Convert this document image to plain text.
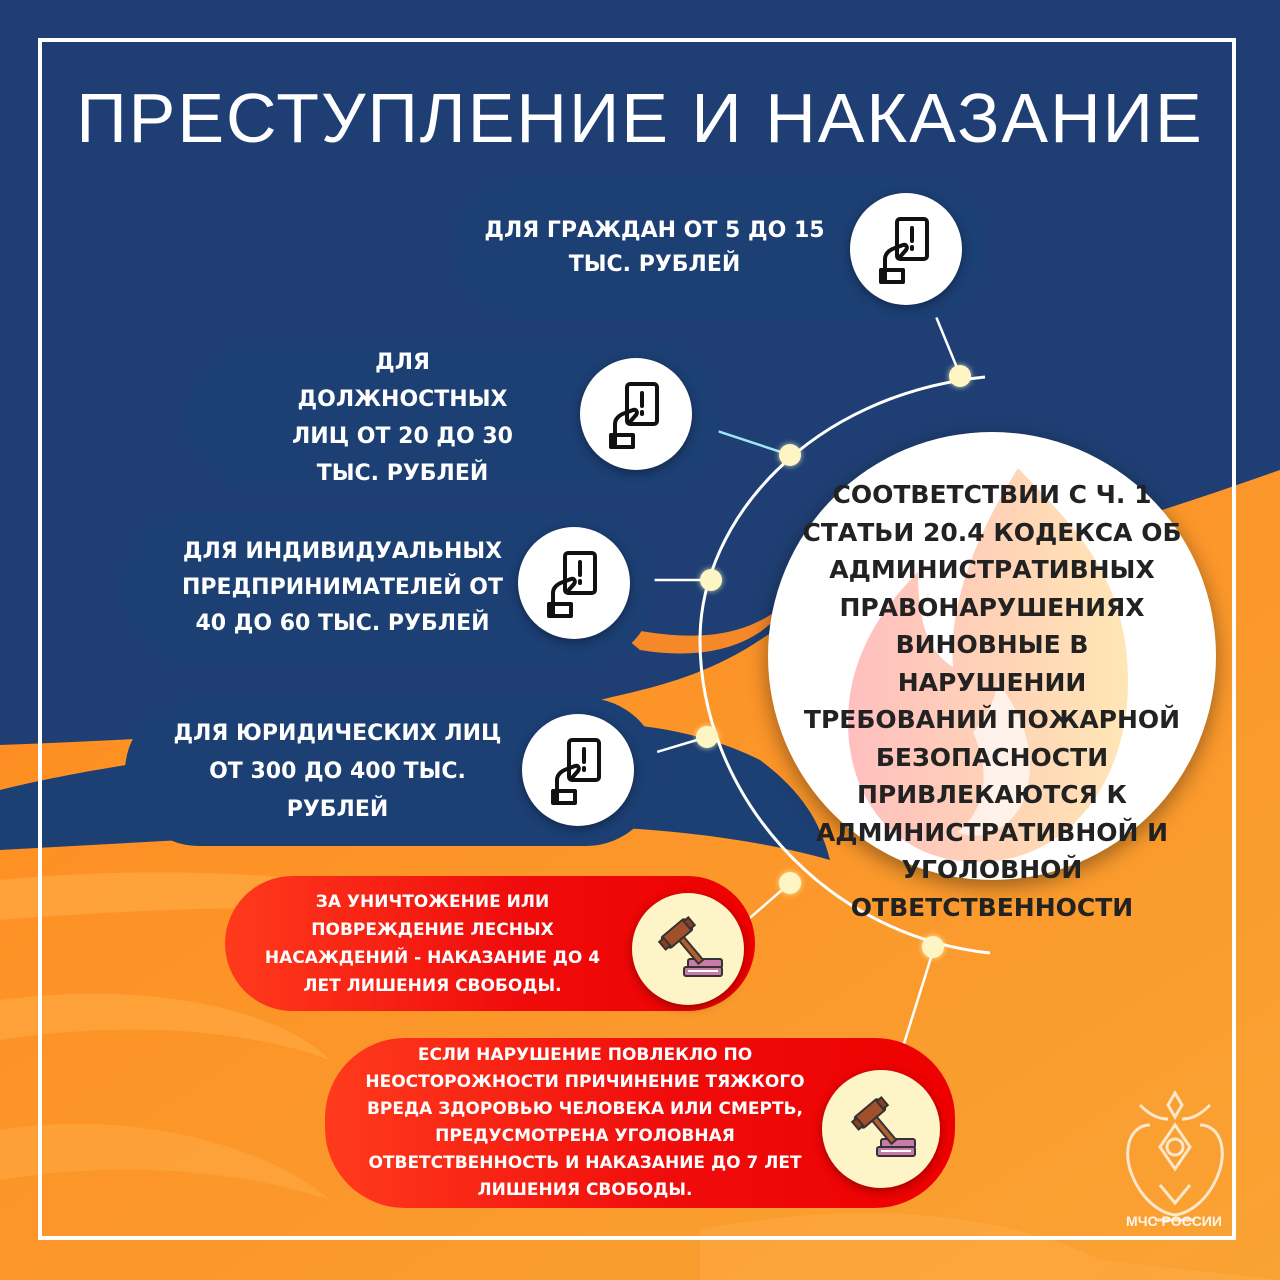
ПРЕСТУПЛЕНИЕ И НАКАЗАНИЕ
ДЛЯ ГРАЖДАН ОТ 5 ДО 15 ТЫС. РУБЛЕЙ
ДЛЯ ДОЛЖНОСТНЫХ ЛИЦ ОТ 20 ДО 30 ТЫС. РУБЛЕЙ
ДЛЯ ИНДИВИДУАЛЬНЫХ ПРЕДПРИНИМАТЕЛЕЙ ОТ 40 ДО 60 ТЫС. РУБЛЕЙ
ДЛЯ ЮРИДИЧЕСКИХ ЛИЦ ОТ 300 ДО 400 ТЫС. РУБЛЕЙ
ЗА УНИЧТОЖЕНИЕ ИЛИ ПОВРЕЖДЕНИЕ ЛЕСНЫХ НАСАЖДЕНИЙ - НАКАЗАНИЕ ДО 4 ЛЕТ ЛИШЕНИЯ СВОБОДЫ.
ЕСЛИ НАРУШЕНИЕ ПОВЛЕКЛО ПО НЕОСТОРОЖНОСТИ ПРИЧИНЕНИЕ ТЯЖКОГО ВРЕДА ЗДОРОВЬЮ ЧЕЛОВЕКА ИЛИ СМЕРТЬ, ПРЕДУСМОТРЕНА УГОЛОВНАЯ ОТВЕТСТВЕННОСТЬ И НАКАЗАНИЕ ДО 7 ЛЕТ ЛИШЕНИЯ СВОБОДЫ.
СООТВЕТСТВИИ С Ч. 1 СТАТЬИ 20.4 КОДЕКСА ОБ АДМИНИСТРАТИВНЫХ ПРАВОНАРУШЕНИЯХ ВИНОВНЫЕ В НАРУШЕНИИ ТРЕБОВАНИЙ ПОЖАРНОЙ БЕЗОПАСНОСТИ ПРИВЛЕКАЮТСЯ К АДМИНИСТРАТИВНОЙ И УГОЛОВНОЙ ОТВЕТСТВЕННОСТИ
МЧС РОССИИ
